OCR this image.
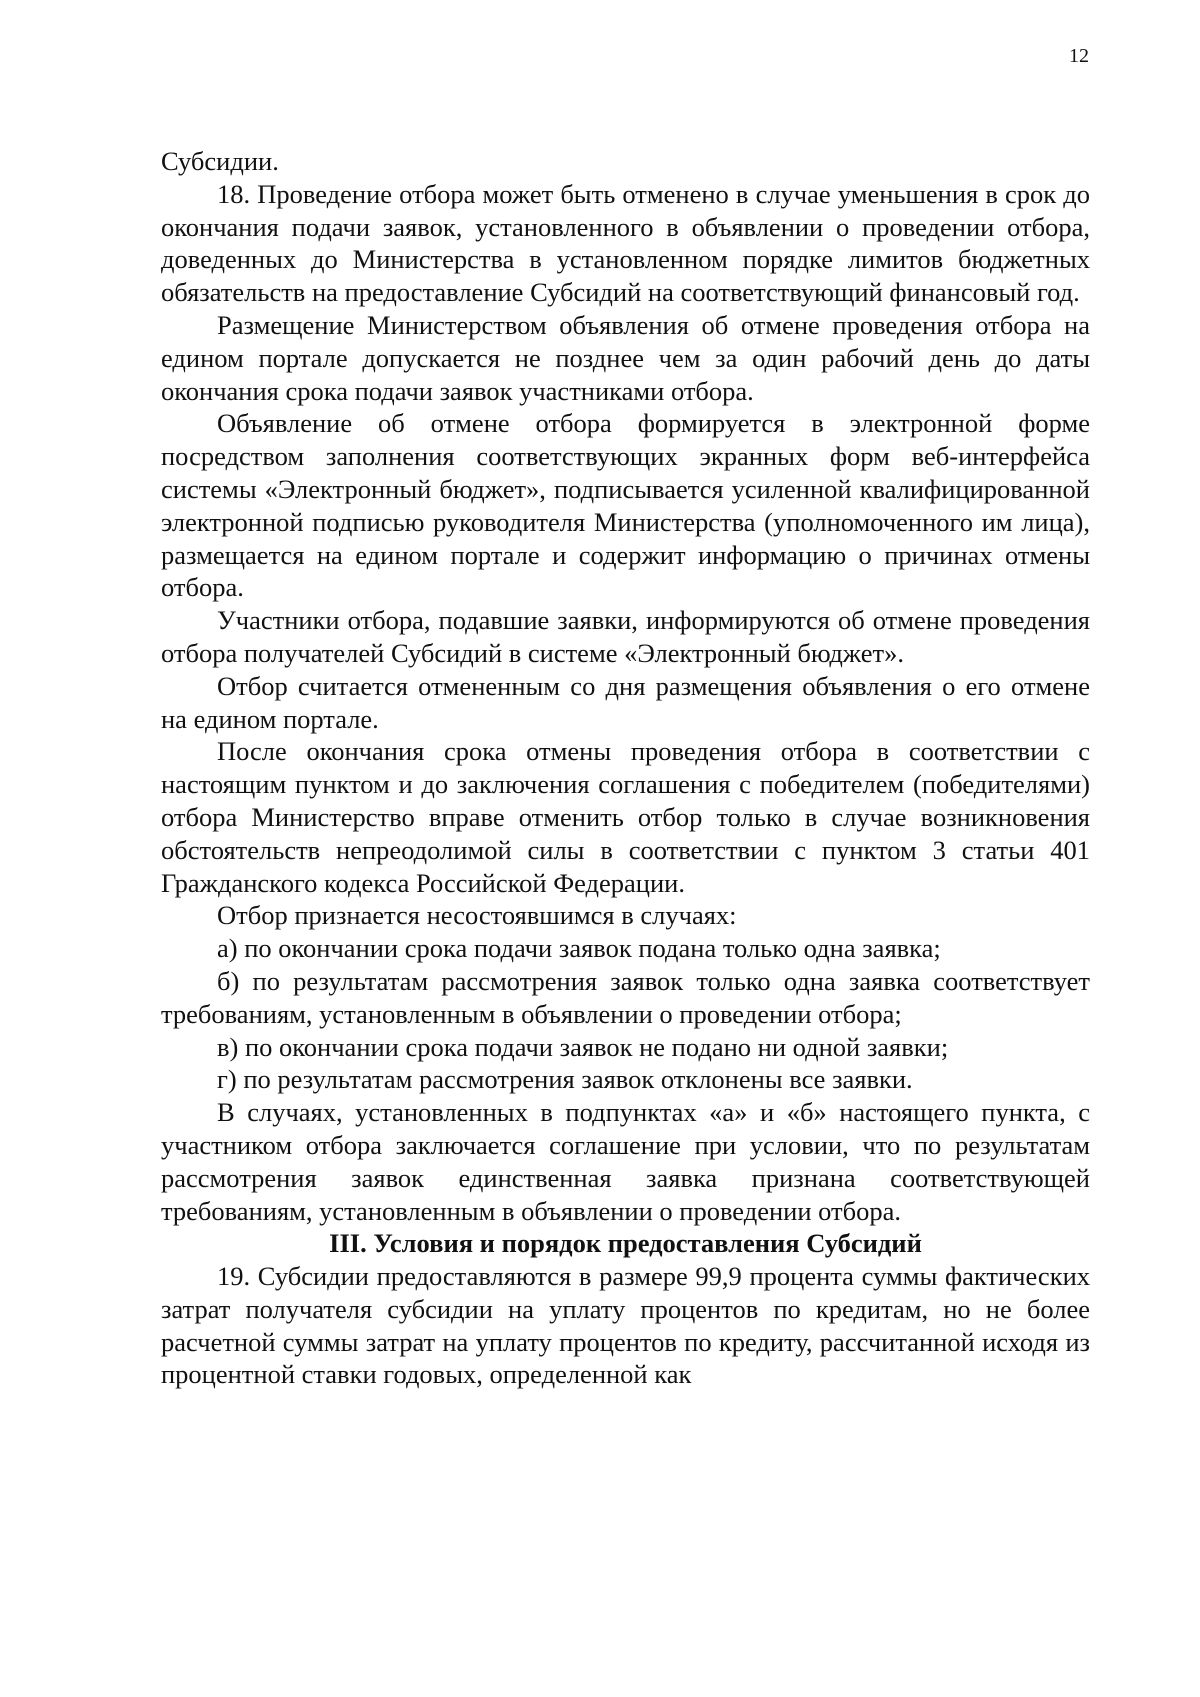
12

Субсидии.

18. Проведение отбора может быть отменено в случае уменьшения в срок до окончания подачи заявок, установленного в объявлении о проведении отбора, доведенных до Министерства в установленном порядке лимитов бюджетных обязательств на предоставление Субсидий на соответствующий финансовый год.

Размещение Министерством объявления об отмене проведения отбора на едином портале допускается не позднее чем за один рабочий день до даты окончания срока подачи заявок участниками отбора.

Объявление об отмене отбора формируется в электронной форме посредством заполнения соответствующих экранных форм веб-интерфейса системы «Электронный бюджет», подписывается усиленной квалифицированной электронной подписью руководителя Министерства (уполномоченного им лица), размещается на едином портале и содержит информацию о причинах отмены отбора.

Участники отбора, подавшие заявки, информируются об отмене проведения отбора получателей Субсидий в системе «Электронный бюджет».

Отбор считается отмененным со дня размещения объявления о его отмене на едином портале.

После окончания срока отмены проведения отбора в соответствии с настоящим пунктом и до заключения соглашения с победителем (победителями) отбора Министерство вправе отменить отбор только в случае возникновения обстоятельств непреодолимой силы в соответствии с пунктом 3 статьи 401 Гражданского кодекса Российской Федерации.

Отбор признается несостоявшимся в случаях:

а) по окончании срока подачи заявок подана только одна заявка;

б) по результатам рассмотрения заявок только одна заявка соответствует требованиям, установленным в объявлении о проведении отбора;

в) по окончании срока подачи заявок не подано ни одной заявки;

г) по результатам рассмотрения заявок отклонены все заявки.

В случаях, установленных в подпунктах «а» и «б» настоящего пункта, с участником отбора заключается соглашение при условии, что по результатам рассмотрения заявок единственная заявка признана соответствующей требованиям, установленным в объявлении о проведении отбора.

III. Условия и порядок предоставления Субсидий

19. Субсидии предоставляются в размере 99,9 процента суммы фактических затрат получателя субсидии на уплату процентов по кредитам, но не более расчетной суммы затрат на уплату процентов по кредиту, рассчитанной исходя из процентной ставки годовых, определенной как
